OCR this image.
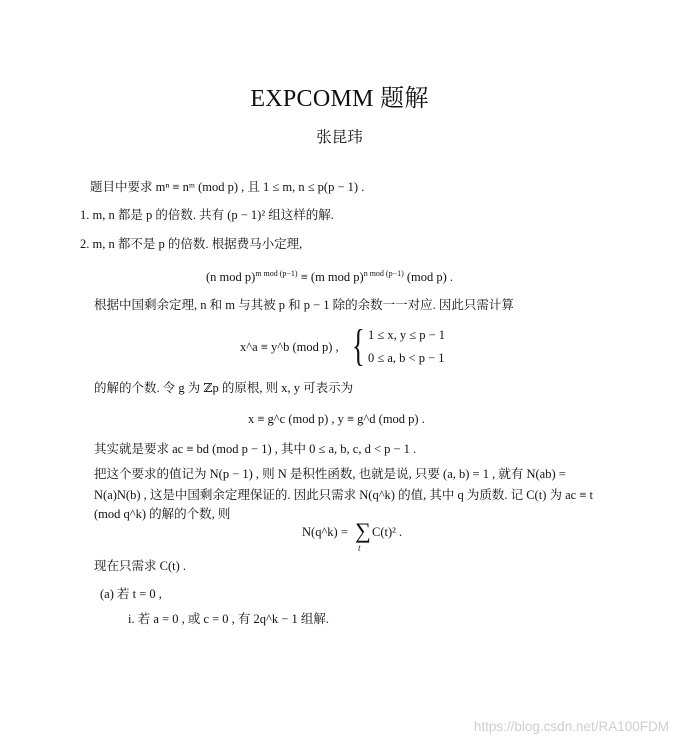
EXPCOMM 题解
张昆玮
题目中要求 mⁿ ≡ nᵐ (mod p) , 且 1 ≤ m, n ≤ p(p − 1) .
1. m, n 都是 p 的倍数. 共有 (p − 1)² 组这样的解.
2. m, n 都不是 p 的倍数. 根据费马小定理,
(n mod p)$^{m mod (p-1)}$ ≡ (m mod p)$^{n mod (p-1)}$ (mod p) .
根据中国剩余定理, n 和 m 与其被 p 和 p − 1 除的余数一一对应. 因此只需计算
x^a ≡ y^b (mod p) , { 1 ≤ x, y ≤ p − 1
0 ≤ a, b < p − 1
的解的个数. 令 g 为 ℤp 的原根, 则 x, y 可表示为
x ≡ g^c (mod p) , y ≡ g^d (mod p) .
其实就是要求 ac ≡ bd (mod p − 1) , 其中 0 ≤ a, b, c, d < p − 1 .
把这个要求的值记为 N(p − 1) , 则 N 是积性函数, 也就是说, 只要 (a, b) = 1 , 就有 N(ab) =
N(a)N(b) , 这是中国剩余定理保证的. 因此只需求 N(q^k) 的值, 其中 q 为质数. 记 C(t) 为 ac ≡ t
(mod q^k) 的解的个数, 则
N(q^k) = ∑
t
C(t)² .
现在只需求 C(t) .
(a) 若 t = 0 ,
i. 若 a = 0 , 或 c = 0 , 有 2q^k − 1 组解.
https://blog.csdn.net/RA100FDM
